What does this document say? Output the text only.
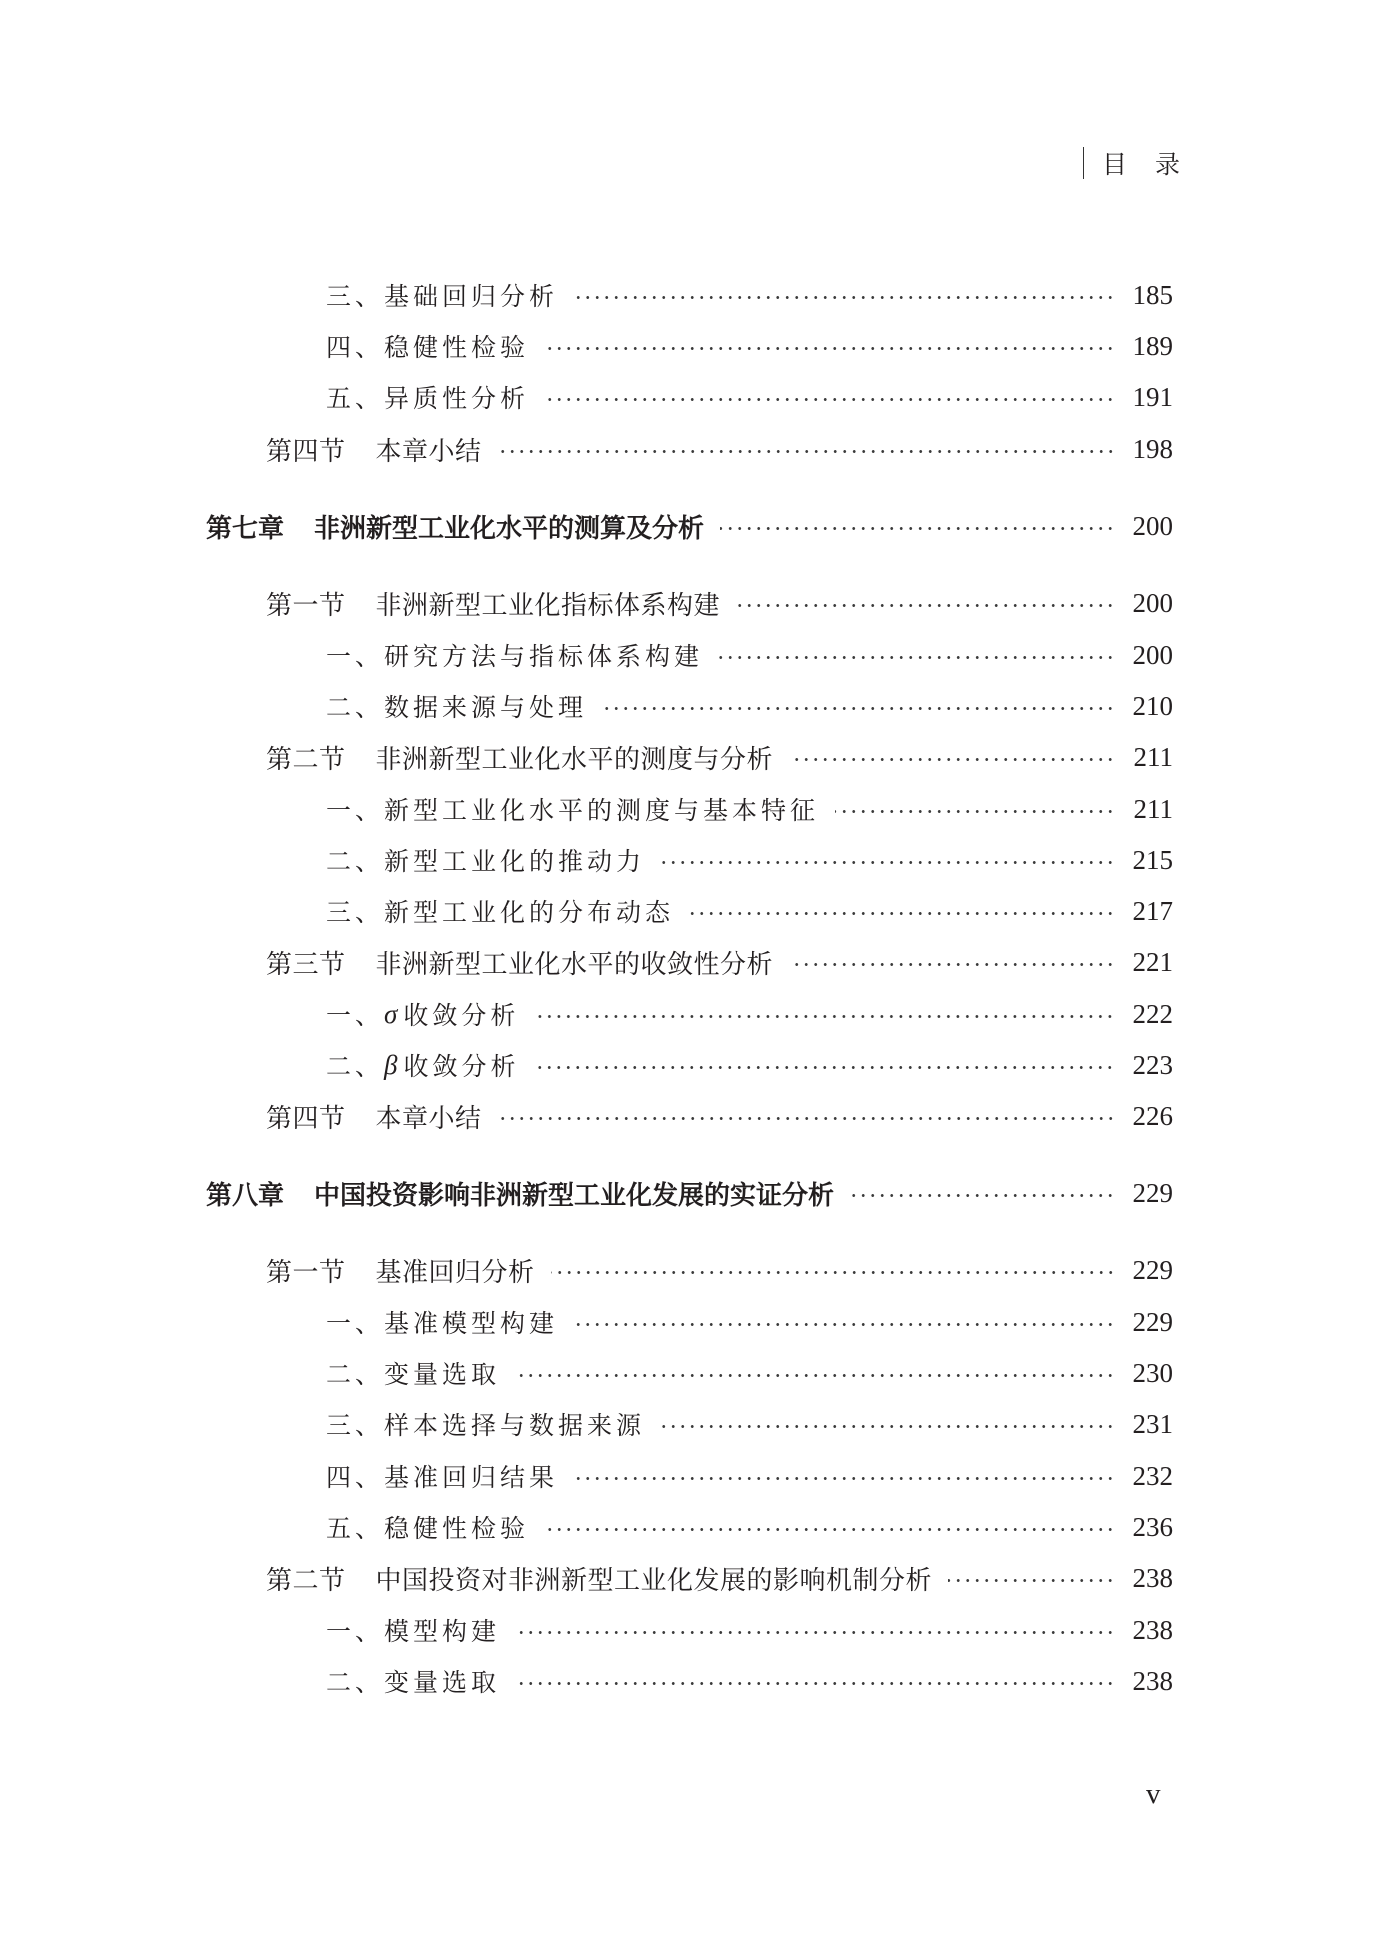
目录
三、基础回归分析	185
四、稳健性检验	189
五、异质性分析	191
第四节 本章小结	198
第七章 非洲新型工业化水平的测算及分析	200
第一节 非洲新型工业化指标体系构建	200
一、研究方法与指标体系构建	200
二、数据来源与处理	210
第二节 非洲新型工业化水平的测度与分析	211
一、新型工业化水平的测度与基本特征	211
二、新型工业化的推动力	215
三、新型工业化的分布动态	217
第三节 非洲新型工业化水平的收敛性分析	221
一、 σ 收敛分析	222
二、 β 收敛分析	223
第四节 本章小结	226
第八章 中国投资影响非洲新型工业化发展的实证分析	229
第一节 基准回归分析	229
一、基准模型构建	229
二、变量选取	230
三、样本选择与数据来源	231
四、基准回归结果	232
五、稳健性检验	236
第二节 中国投资对非洲新型工业化发展的影响机制分析	238
一、模型构建	238
二、变量选取	238
v
